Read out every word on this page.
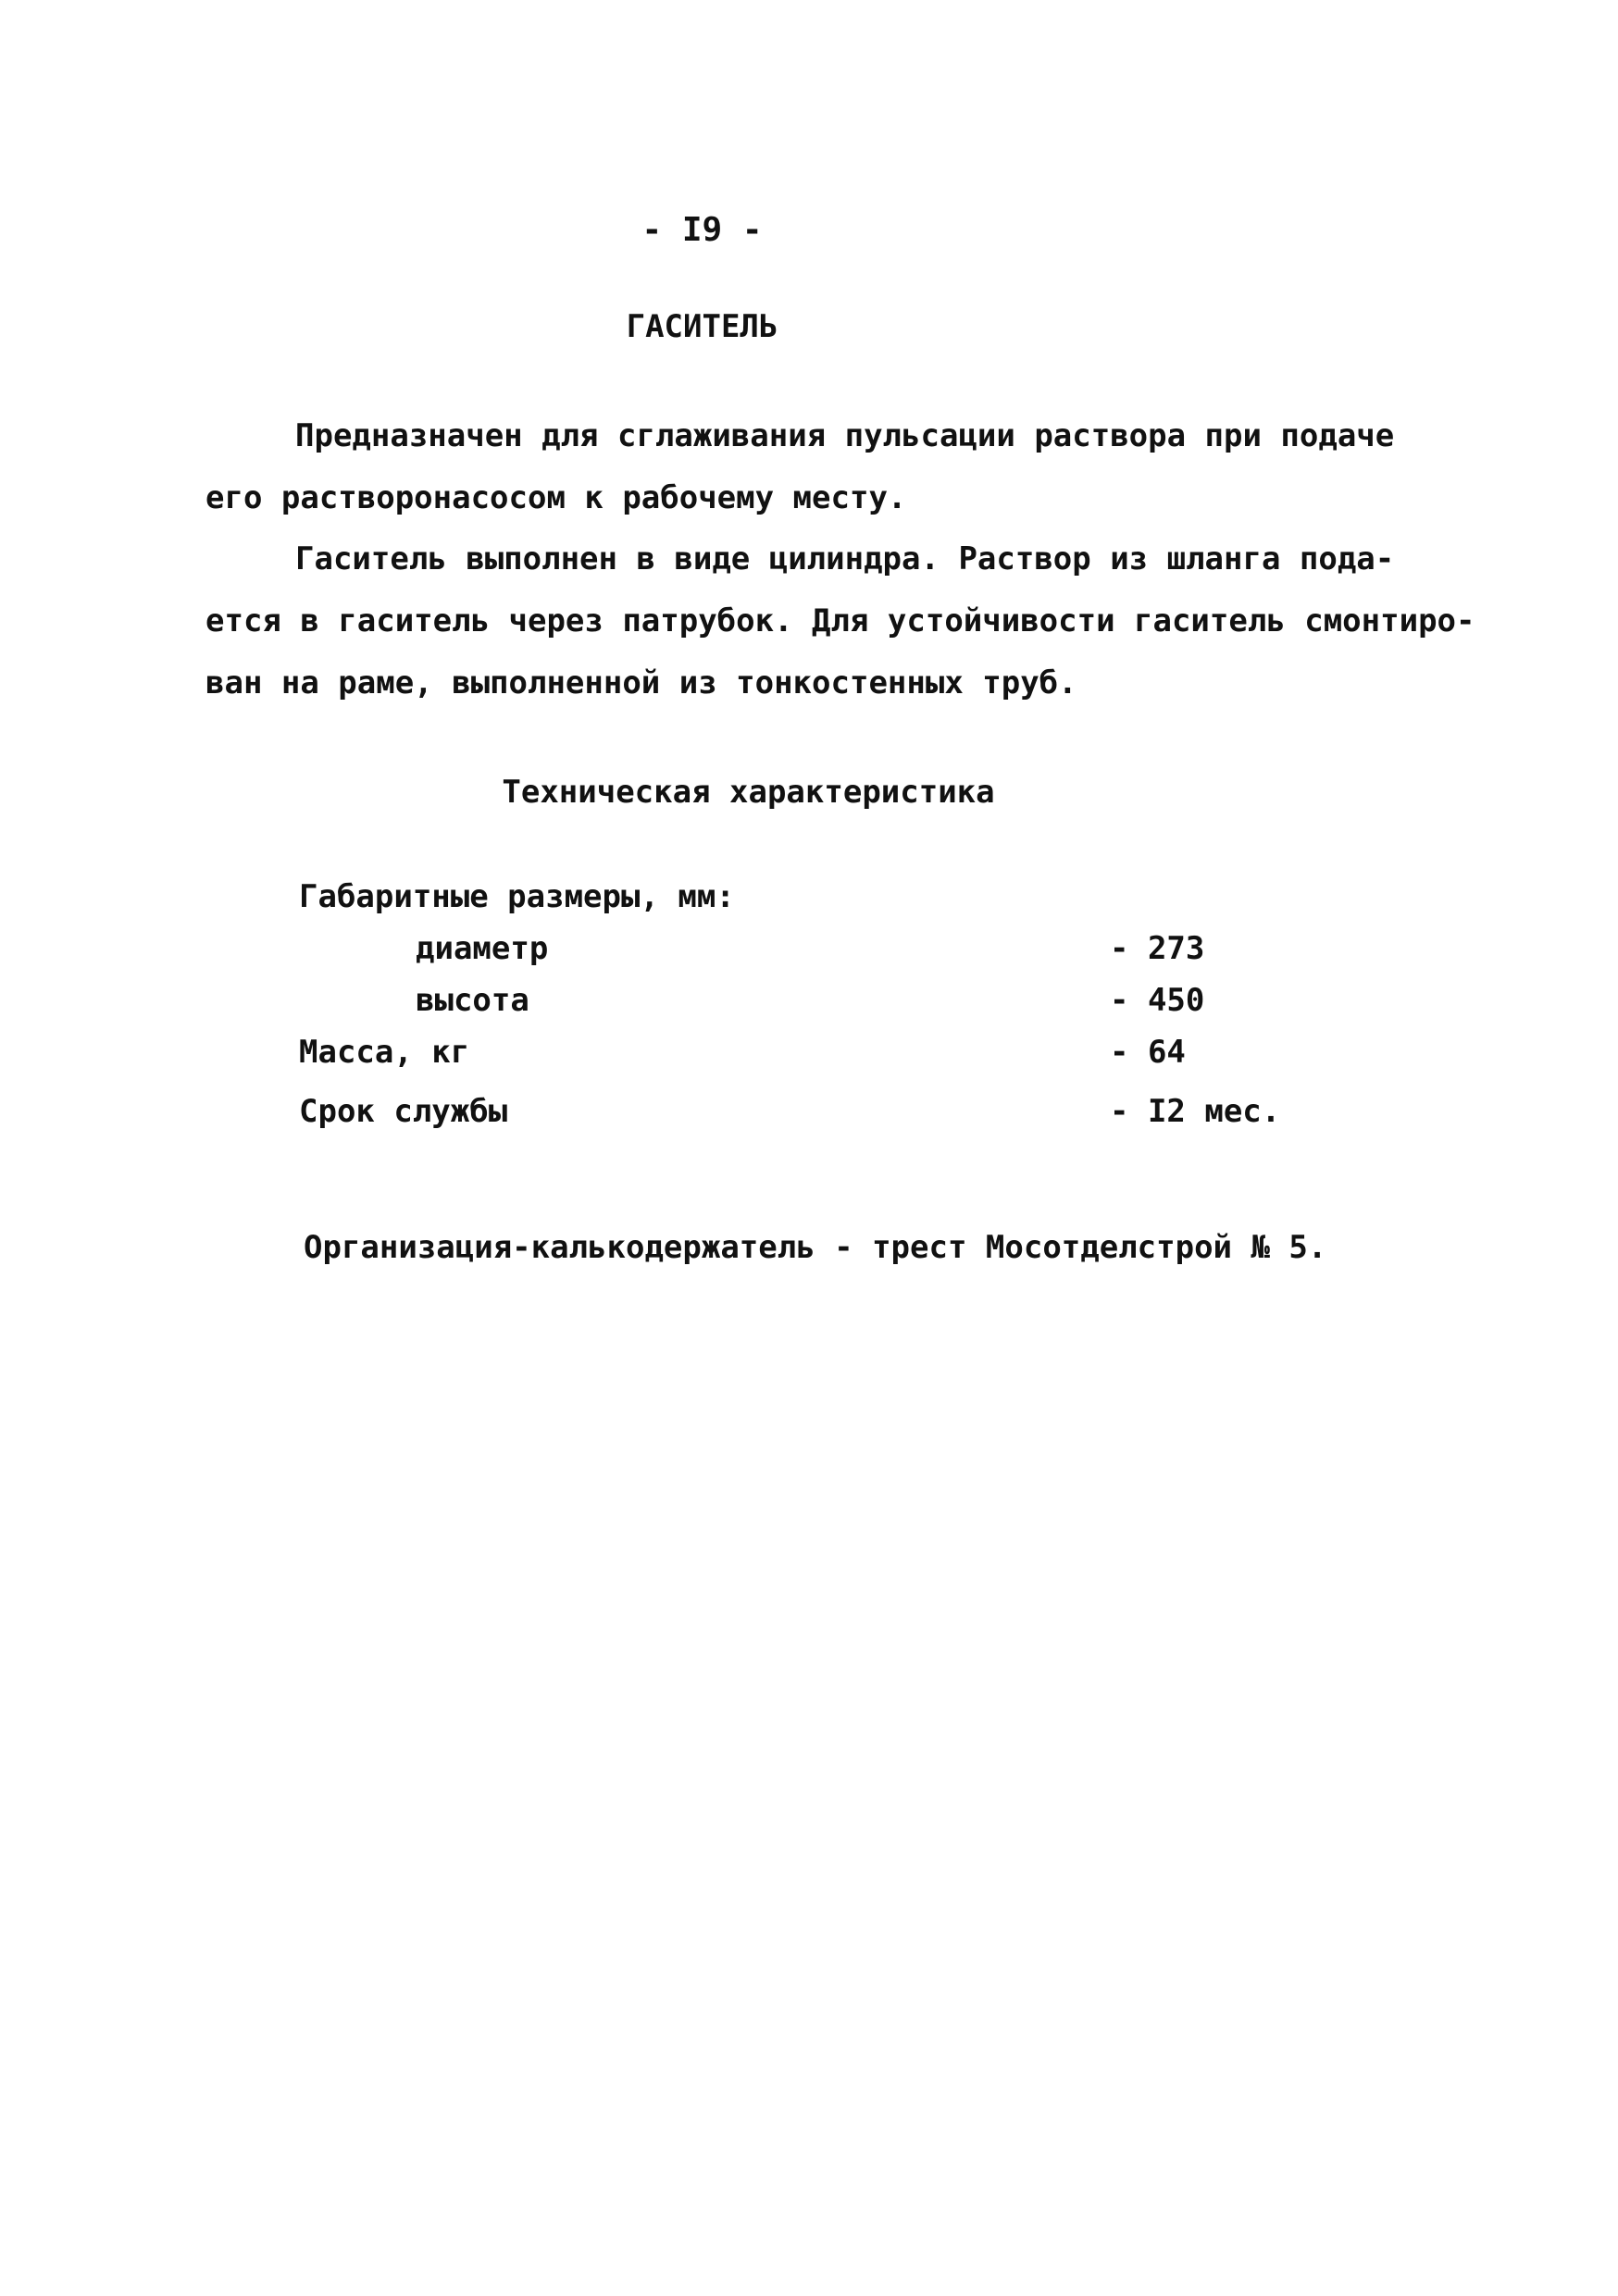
- I9 -
ГАСИТЕЛЬ
Предназначен для сглаживания пульсации раствора при подаче
его растворонасосом к рабочему месту.
Гаситель выполнен в виде цилиндра. Раствор из шланга пода-
ется в гаситель через патрубок. Для устойчивости гаситель смонтиро-
ван на раме, выполненной из тонкостенных труб.
Техническая характеристика
Габаритные размеры, мм:	
диаметр	- 273
высота	- 450
Масса, кг	- 64
Срок службы	- I2 мес.
Организация-калькодержатель - трест Мосотделстрой № 5.
